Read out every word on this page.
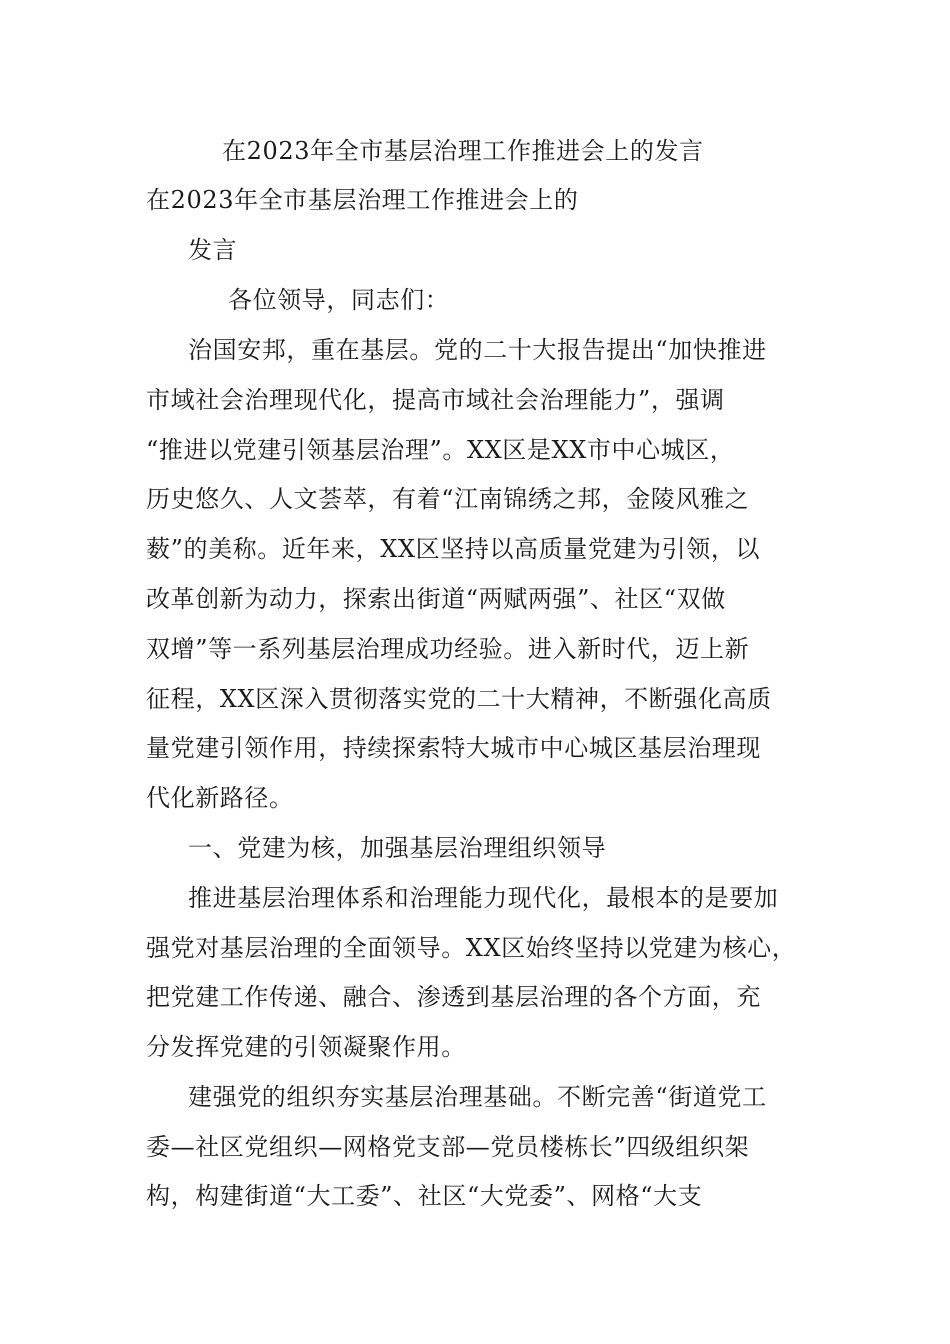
在2023年全市基层治理工作推进会上的发言
在2023年全市基层治理工作推进会上的
发言
各位领导，同志们：
治国安邦，重在基层。党的二十大报告提出“加快推进
市域社会治理现代化，提高市域社会治理能力”，强调
“推进以党建引领基层治理”。XX区是XX市中心城区，
历史悠久、人文荟萃，有着“江南锦绣之邦，金陵风雅之
薮”的美称。近年来，XX区坚持以高质量党建为引领，以
改革创新为动力，探索出街道“两赋两强”、社区“双做
双增”等一系列基层治理成功经验。进入新时代，迈上新
征程，XX区深入贯彻落实党的二十大精神，不断强化高质
量党建引领作用，持续探索特大城市中心城区基层治理现
代化新路径。
一、党建为核，加强基层治理组织领导
推进基层治理体系和治理能力现代化，最根本的是要加
强党对基层治理的全面领导。XX区始终坚持以党建为核心，
把党建工作传递、融合、渗透到基层治理的各个方面，充
分发挥党建的引领凝聚作用。
建强党的组织夯实基层治理基础。不断完善“街道党工
委—社区党组织—网格党支部—党员楼栋长”四级组织架
构，构建街道“大工委”、社区“大党委”、网格“大支
